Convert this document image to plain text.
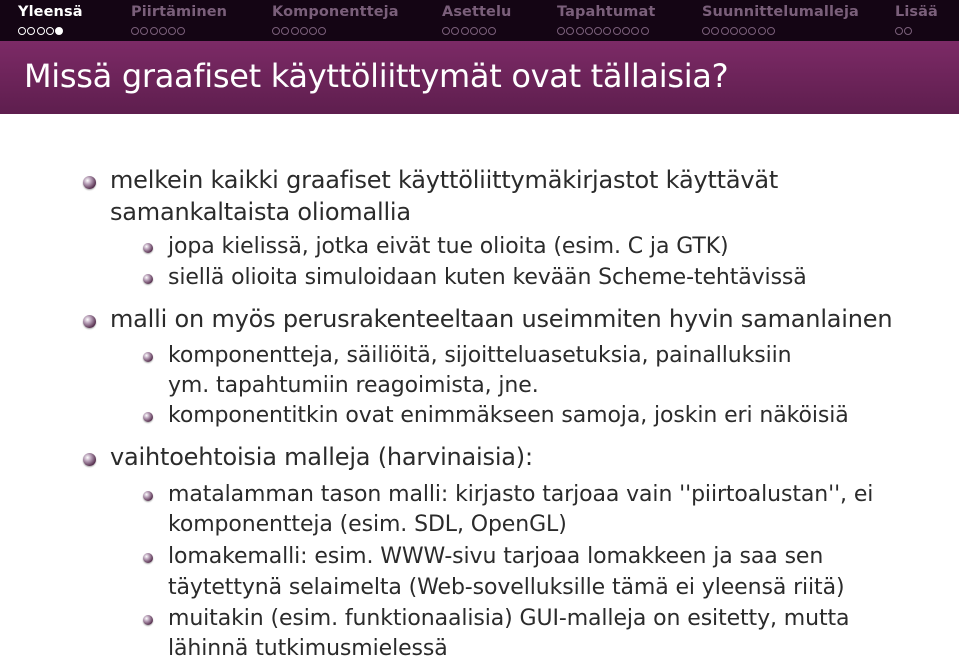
Yleensä	Piirtäminen	Komponentteja	Asettelu	Tapahtumat	Suunnittelumalleja Lisää
Missä graafiset käyttöliittymät ovat tällaisia?
melkein kaikki graafiset käyttöliittymäkirjastot käyttävät
samankaltaista oliomallia
jopa kielissä, jotka eivät tue olioita (esim. C ja GTK)
siellä olioita simuloidaan kuten kevään Scheme-tehtävissä
malli on myös perusrakenteeltaan useimmiten hyvin samanlainen
komponentteja, säiliöitä, sijoitteluasetuksia, painalluksiin
ym. tapahtumiin reagoimista, jne.
komponentitkin ovat enimmäkseen samoja, joskin eri näköisiä
vaihtoehtoisia malleja (harvinaisia):
matalamman tason malli: kirjasto tarjoaa vain ''piirtoalustan'', ei
komponentteja (esim. SDL, OpenGL)
lomakemalli: esim. WWW-sivu tarjoaa lomakkeen ja saa sen
täytettynä selaimelta (Web-sovelluksille tämä ei yleensä riitä)
muitakin (esim. funktionaalisia) GUI-malleja on esitetty, mutta
lähinnä tutkimusmielessä
